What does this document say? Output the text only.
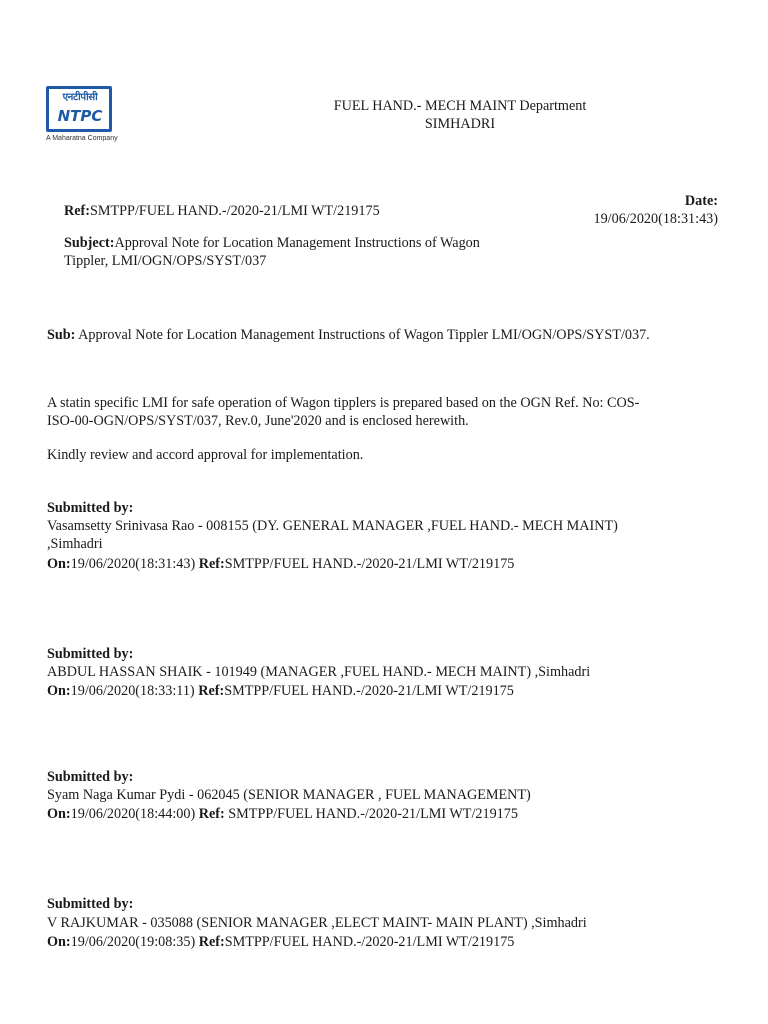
एनटीपीसी
NTPC
A Maharatna Company
FUEL HAND.- MECH MAINT Department
SIMHADRI
Date:
19/06/2020(18:31:43)
Ref:SMTPP/FUEL HAND.-/2020-21/LMI WT/219175
Subject:Approval Note for Location Management Instructions of Wagon
Tippler, LMI/OGN/OPS/SYST/037
Sub: Approval Note for Location Management Instructions of Wagon Tippler LMI/OGN/OPS/SYST/037.
A statin specific LMI for safe operation of Wagon tipplers is prepared based on the OGN Ref. No: COS-
ISO-00-OGN/OPS/SYST/037, Rev.0, June'2020 and is enclosed herewith.
Kindly review and accord approval for implementation.
Submitted by:
Vasamsetty Srinivasa Rao - 008155 (DY. GENERAL MANAGER ,FUEL HAND.- MECH MAINT)
,Simhadri
On:19/06/2020(18:31:43) Ref:SMTPP/FUEL HAND.-/2020-21/LMI WT/219175
Submitted by:
ABDUL HASSAN SHAIK - 101949 (MANAGER ,FUEL HAND.- MECH MAINT) ,Simhadri
On:19/06/2020(18:33:11) Ref:SMTPP/FUEL HAND.-/2020-21/LMI WT/219175
Submitted by:
Syam Naga Kumar Pydi - 062045 (SENIOR MANAGER , FUEL MANAGEMENT)
On:19/06/2020(18:44:00) Ref: SMTPP/FUEL HAND.-/2020-21/LMI WT/219175
Submitted by:
V RAJKUMAR - 035088 (SENIOR MANAGER ,ELECT MAINT- MAIN PLANT) ,Simhadri
On:19/06/2020(19:08:35) Ref:SMTPP/FUEL HAND.-/2020-21/LMI WT/219175
